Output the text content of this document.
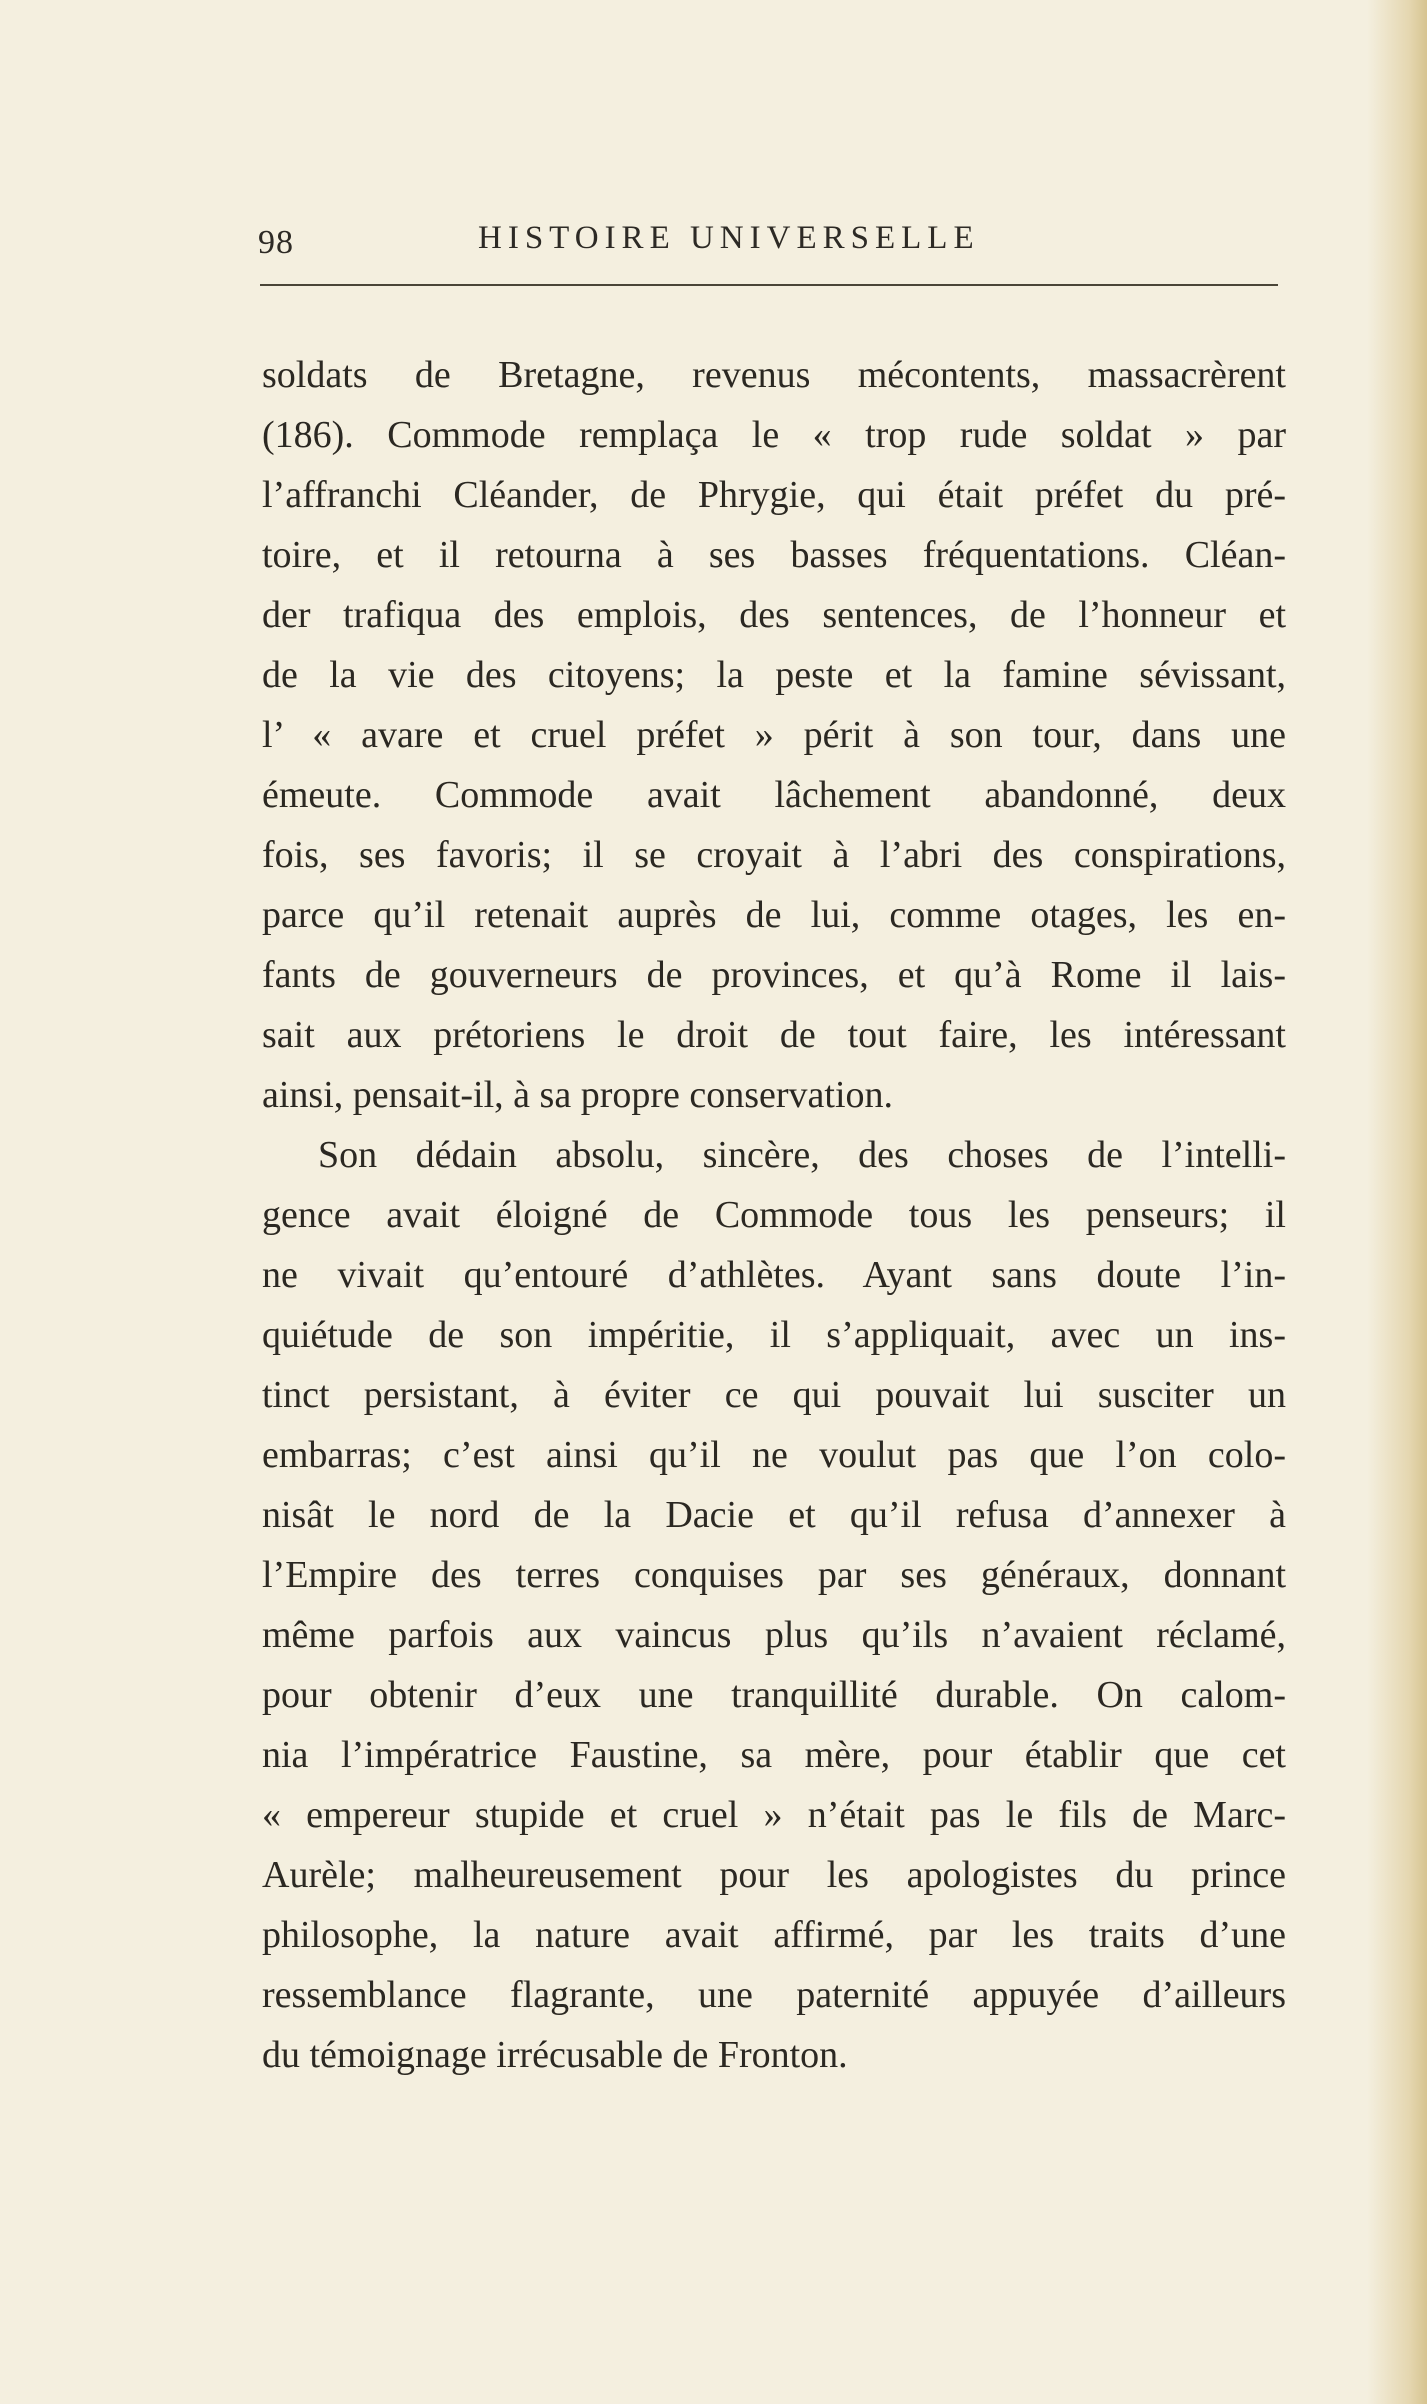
98	HISTOIRE UNIVERSELLE

soldats de Bretagne, revenus mécontents, massacrèrent
(186). Commode remplaça le « trop rude soldat » par
l’affranchi Cléander, de Phrygie, qui était préfet du pré-
toire, et il retourna à ses basses fréquentations. Cléan-
der trafiqua des emplois, des sentences, de l’honneur et
de la vie des citoyens; la peste et la famine sévissant,
l’ « avare et cruel préfet » périt à son tour, dans une
émeute. Commode avait lâchement abandonné, deux
fois, ses favoris; il se croyait à l’abri des conspirations,
parce qu’il retenait auprès de lui, comme otages, les en-
fants de gouverneurs de provinces, et qu’à Rome il lais-
sait aux prétoriens le droit de tout faire, les intéressant
ainsi, pensait-il, à sa propre conservation.

Son dédain absolu, sincère, des choses de l’intelli-
gence avait éloigné de Commode tous les penseurs; il
ne vivait qu’entouré d’athlètes. Ayant sans doute l’in-
quiétude de son impéritie, il s’appliquait, avec un ins-
tinct persistant, à éviter ce qui pouvait lui susciter un
embarras; c’est ainsi qu’il ne voulut pas que l’on colo-
nisât le nord de la Dacie et qu’il refusa d’annexer à
l’Empire des terres conquises par ses généraux, donnant
même parfois aux vaincus plus qu’ils n’avaient réclamé,
pour obtenir d’eux une tranquillité durable. On calom-
nia l’impératrice Faustine, sa mère, pour établir que cet
« empereur stupide et cruel » n’était pas le fils de Marc-
Aurèle; malheureusement pour les apologistes du prince
philosophe, la nature avait affirmé, par les traits d’une
ressemblance flagrante, une paternité appuyée d’ailleurs
du témoignage irrécusable de Fronton.
